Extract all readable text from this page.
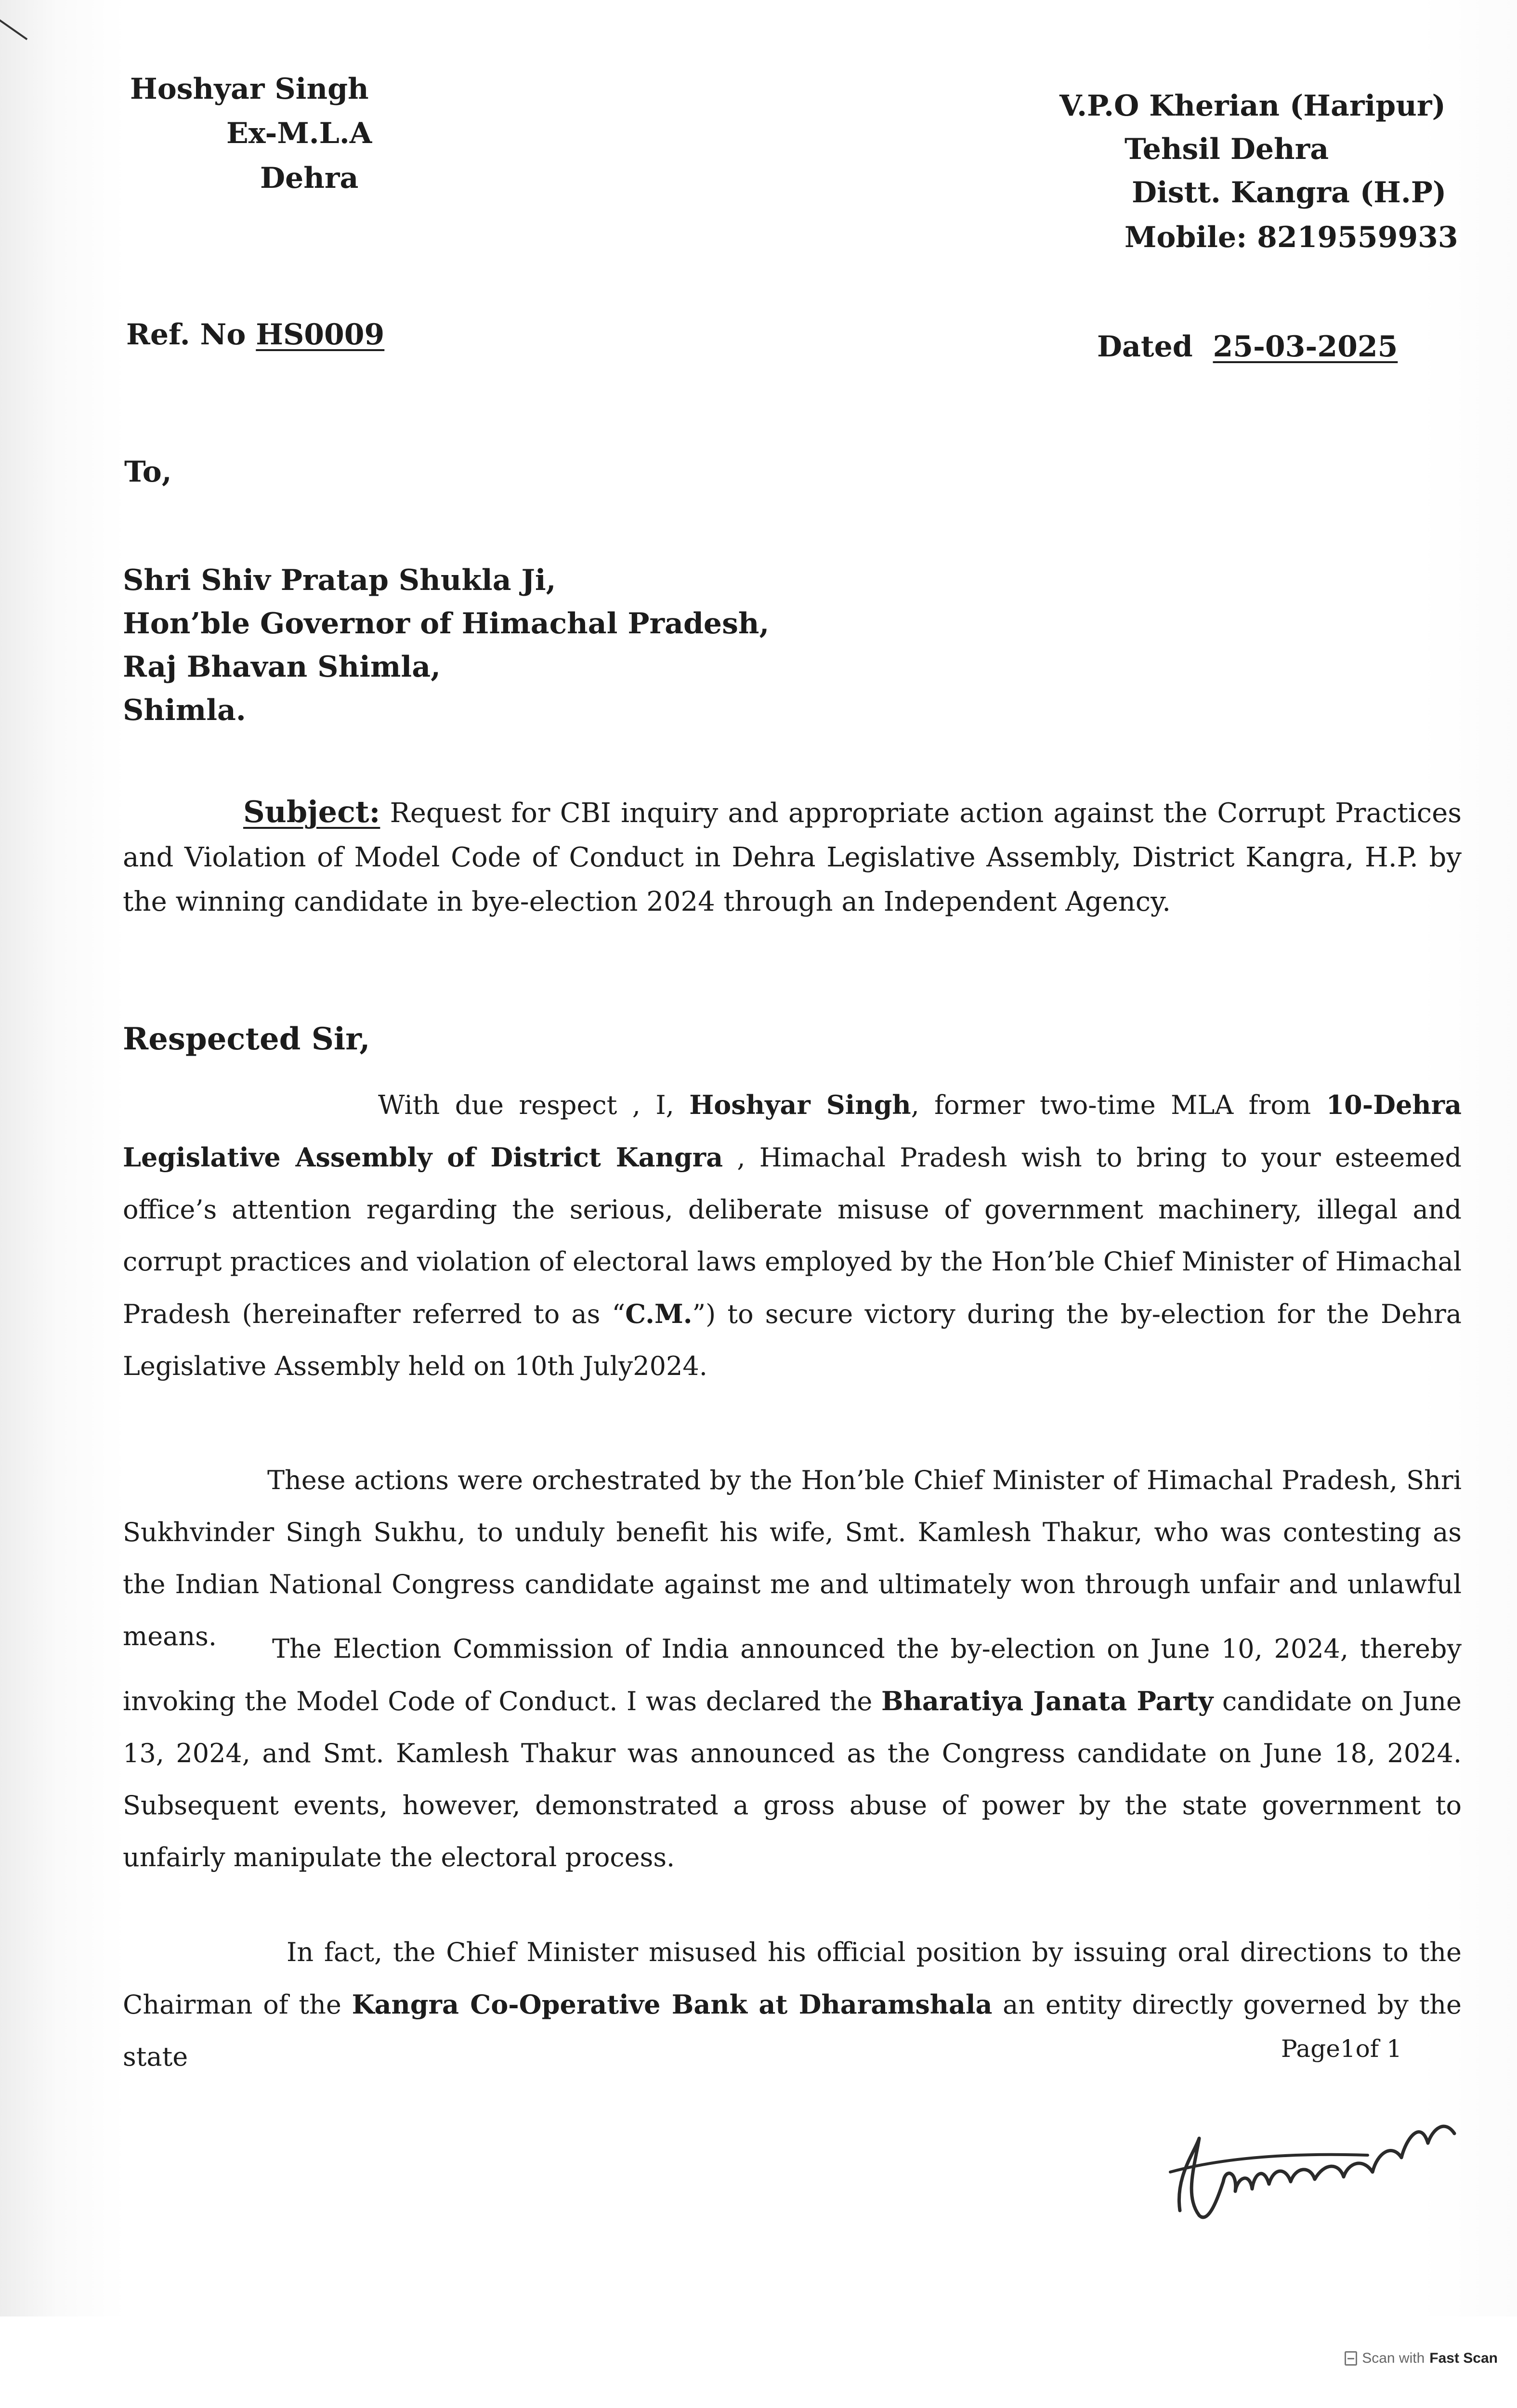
Hoshyar Singh
Ex-M.L.A
Dehra
V.P.O Kherian (Haripur)
Tehsil Dehra
Distt. Kangra (H.P)
Mobile: 8219559933
Ref. No HS0009	Dated 25-03-2025
To,
Shri Shiv Pratap Shukla Ji,
Hon’ble Governor of Himachal Pradesh,
Raj Bhavan Shimla,
Shimla.

Subject: Request for CBI inquiry and appropriate action against the Corrupt Practices and Violation of Model Code of Conduct in Dehra Legislative Assembly, District Kangra, H.P. by the winning candidate in bye-election 2024 through an Independent Agency.

Respected Sir,

With due respect , I, Hoshyar Singh, former two-time MLA from 10-Dehra Legislative Assembly of District Kangra , Himachal Pradesh wish to bring to your esteemed office’s attention regarding the serious, deliberate misuse of government machinery, illegal and corrupt practices and violation of electoral laws employed by the Hon’ble Chief Minister of Himachal Pradesh (hereinafter referred to as “C.M.”) to secure victory during the by-election for the Dehra Legislative Assembly held on 10th July2024.

These actions were orchestrated by the Hon’ble Chief Minister of Himachal Pradesh, Shri Sukhvinder Singh Sukhu, to unduly benefit his wife, Smt. Kamlesh Thakur, who was contesting as the Indian National Congress candidate against me and ultimately won through unfair and unlawful means.	The Election Commission of India announced the by-election on June 10, 2024, thereby invoking the Model Code of Conduct. I was declared the Bharatiya Janata Party candidate on June 13, 2024, and Smt. Kamlesh Thakur was announced as the Congress candidate on June 18, 2024. Subsequent events, however, demonstrated a gross abuse of power by the state government to unfairly manipulate the electoral process.

In fact, the Chief Minister misused his official position by issuing oral directions to the Chairman of the Kangra Co-Operative Bank at Dharamshala an entity directly governed by the state	Page1of 1
Scan with Fast Scan
